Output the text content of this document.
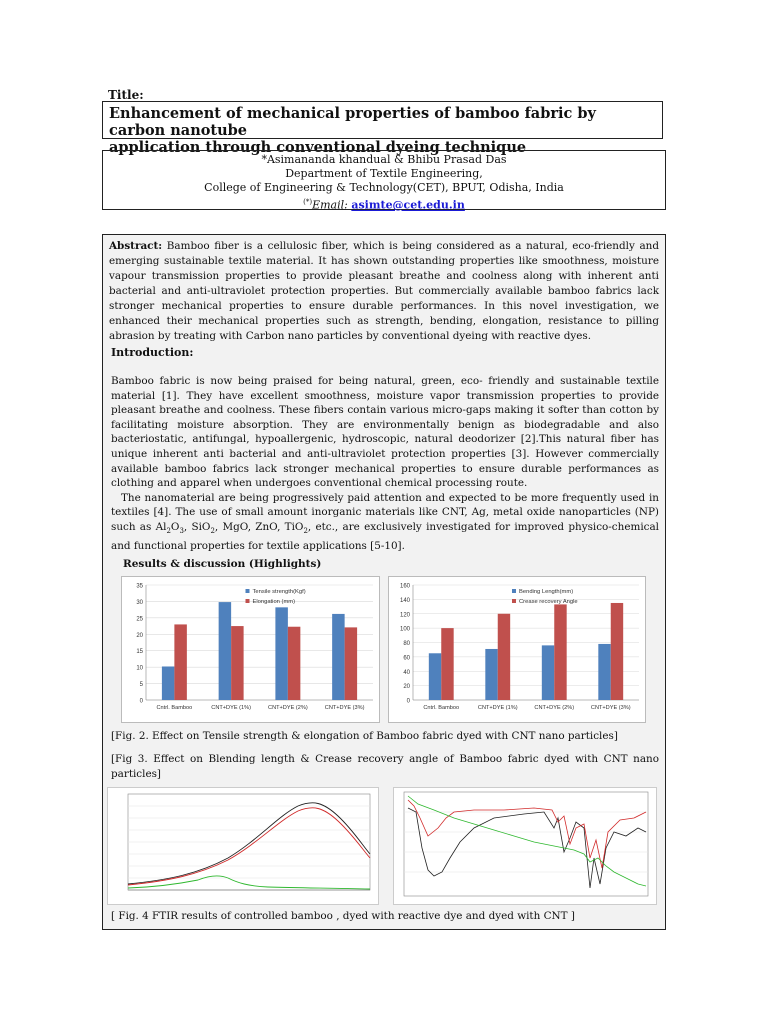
Title:
Enhancement of mechanical properties of bamboo fabric by carbon nanotube
application through conventional dyeing technique
*Asimananda khandual & Bhibu Prasad Das
Department of Textile Engineering,
College of Engineering & Technology(CET), BPUT, Odisha, India
(*)Email: asimte@cet.edu.in
Abstract: Bamboo fiber is a cellulosic fiber, which is being considered as a natural, eco-friendly and emerging sustainable textile material. It has shown outstanding properties like smoothness, moisture vapour transmission properties to provide pleasant breathe and coolness along with inherent anti bacterial and anti-ultraviolet protection properties. But commercially available bamboo fabrics lack stronger mechanical properties to ensure durable performances. In this novel investigation, we enhanced their mechanical properties such as strength, bending, elongation, resistance to pilling abrasion by treating with Carbon nano particles by conventional dyeing with reactive dyes.
Introduction:
Bamboo fabric is now being praised for being natural, green, eco- friendly and sustainable textile material [1]. They have excellent smoothness, moisture vapor transmission properties to provide pleasant breathe and coolness. These fibers contain various micro-gaps making it softer than cotton by facilitating moisture absorption. They are environmentally benign as biodegradable and also bacteriostatic, antifungal, hypoallergenic, hydroscopic, natural deodorizer [2].This natural fiber has unique inherent anti bacterial and anti-ultraviolet protection properties [3]. However commercially available bamboo fabrics lack stronger mechanical properties to ensure durable performances as clothing and apparel when undergoes conventional chemical processing route.
The nanomaterial are being progressively paid attention and expected to be more frequently used in textiles [4]. The use of small amount inorganic materials like CNT, Ag, metal oxide nanoparticles (NP) such as $Al_2O_3$, SiO$_2$, MgO, ZnO, TiO$_2$, etc., are exclusively investigated for improved physico-chemical and functional properties for textile applications [5-10].
Results & discussion (Highlights)
0
5
10
15
20
25
30
35
Cntrl. Bamboo	CNT+DYE (1%)	CNT+DYE (2%)	CNT+DYE (3%)
Tensile strength(Kgf)
Elongation (mm)
0
20
40
60
80
100
120
140
160
Cntrl. Bamboo	CNT+DYE (1%)	CNT+DYE (2%)	CNT+DYE (3%)
Bending Length(mm)
Crease recovery Angle
[Fig. 2. Effect on Tensile strength & elongation of Bamboo fabric dyed with CNT nano particles]
[Fig 3. Effect on Blending length & Crease recovery angle of Bamboo fabric dyed with CNT nano particles]
[ Fig. 4 FTIR results of controlled bamboo , dyed with reactive dye and dyed with CNT ]
